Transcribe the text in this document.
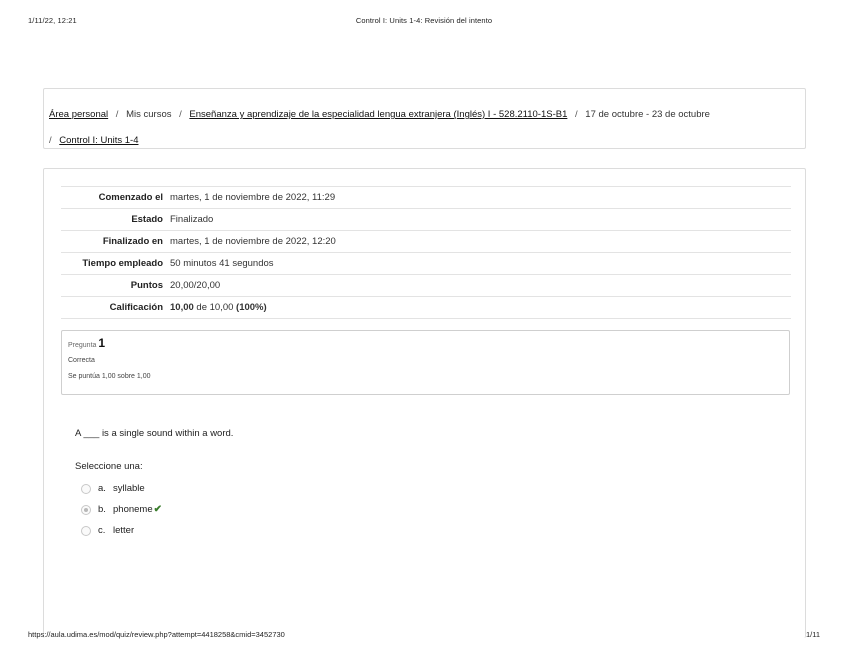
1/11/22, 12:21	Control I: Units 1-4: Revisión del intento
Área personal / Mis cursos / Enseñanza y aprendizaje de la especialidad lengua extranjera (Inglés) I - 528.2110-1S-B1 / 17 de octubre - 23 de octubre
/ Control I: Units 1-4
Comenzado el	martes, 1 de noviembre de 2022, 11:29
Estado	Finalizado
Finalizado en	martes, 1 de noviembre de 2022, 12:20
Tiempo empleado	50 minutos 41 segundos
Puntos	20,00/20,00
Calificación	10,00 de 10,00 (100%)
Pregunta 1
Correcta
Se puntúa 1,00 sobre 1,00
A ___ is a single sound within a word.
Seleccione una:
a. syllable
b. phoneme ✔
c. letter
https://aula.udima.es/mod/quiz/review.php?attempt=4418258&cmid=3452730	1/11
